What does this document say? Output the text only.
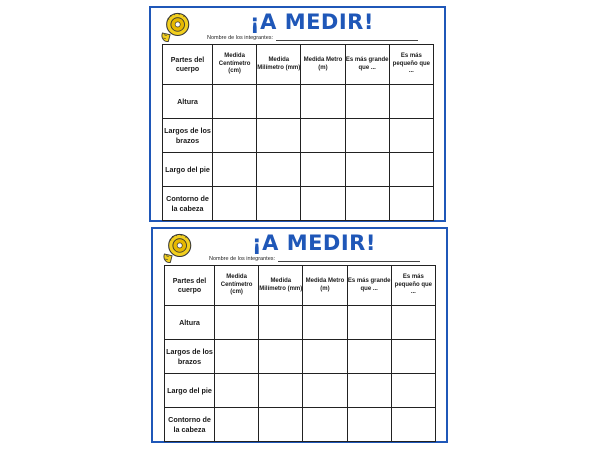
¡A MEDIR!
Nombre de los integrantes:
Partes del cuerpo	Medida Centímetro (cm)	Medida Milímetro (mm)	Medida Metro (m)	Es más grande que ...	Es más pequeño que ...
Altura					
Largos de los brazos					
Largo del pie					
Contorno de la cabeza					
¡A MEDIR!
Nombre de los integrantes:
Partes del cuerpo	Medida Centímetro (cm)	Medida Milímetro (mm)	Medida Metro (m)	Es más grande que ...	Es más pequeño que ...
Altura					
Largos de los brazos					
Largo del pie					
Contorno de la cabeza					
